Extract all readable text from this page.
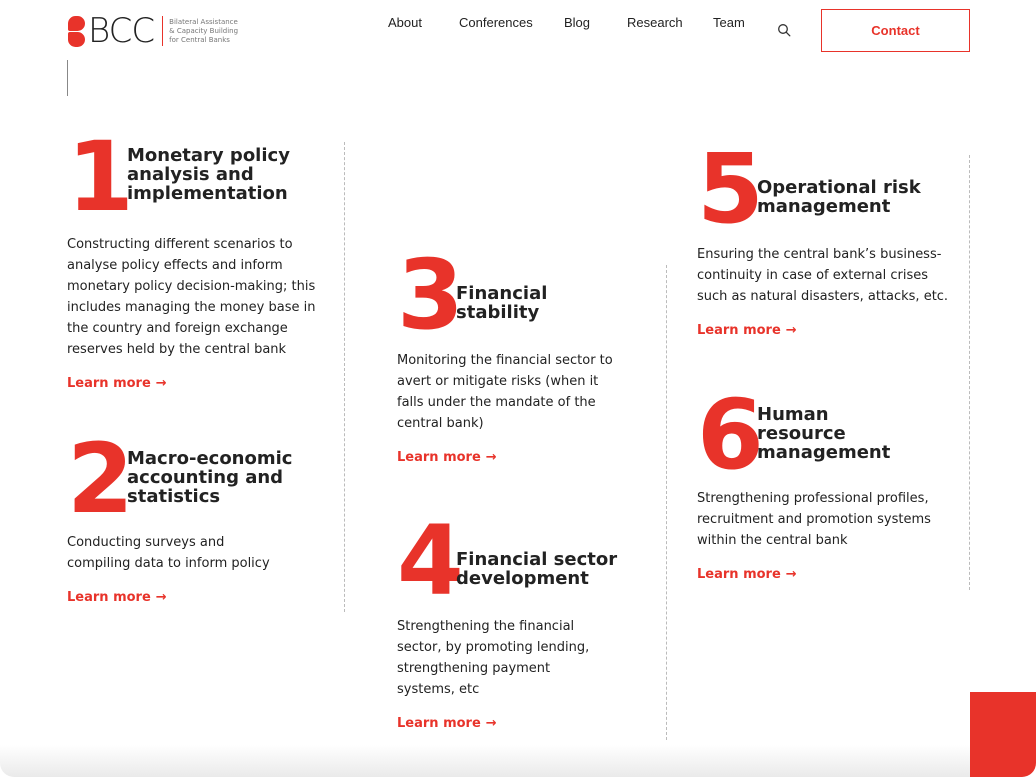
BCC Bilateral Assistance
& Capacity Building
for Central Banks
About	Conferences Blog	Research Team
Contact
1
Monetary policy
analysis and
implementation
Constructing different scenarios to
analyse policy effects and inform
monetary policy decision-making; this
includes managing the money base in
the country and foreign exchange
reserves held by the central bank
Learn more →
2
Macro-economic
accounting and
statistics
Conducting surveys and
compiling data to inform policy
Learn more →
3
Financial
stability
Monitoring the financial sector to
avert or mitigate risks (when it
falls under the mandate of the
central bank)
Learn more →
4
Financial sector
development
Strengthening the financial
sector, by promoting lending,
strengthening payment
systems, etc
Learn more →
5
Operational risk
management
Ensuring the central bank’s business-
continuity in case of external crises
such as natural disasters, attacks, etc.
Learn more →
6
Human
resource
management
Strengthening professional profiles,
recruitment and promotion systems
within the central bank
Learn more →
